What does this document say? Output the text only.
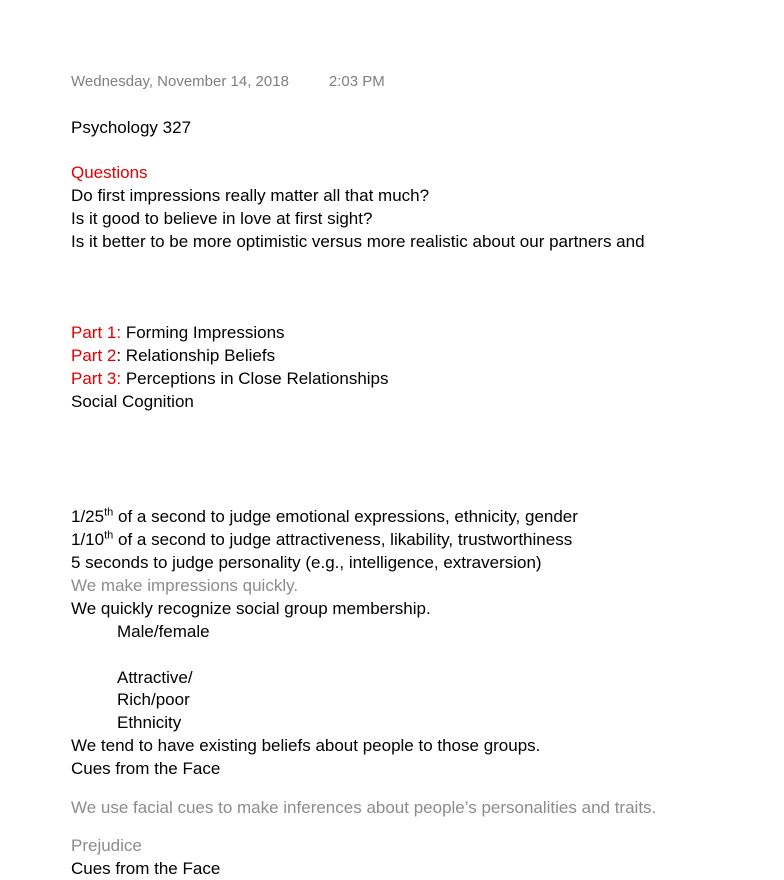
Wednesday, November 14, 2018	2:03 PM
Psychology 327
Questions
Do first impressions really matter all that much?
Is it good to believe in love at first sight?
Is it better to be more optimistic versus more realistic about our partners and
Part 1: Forming Impressions
Part 2: Relationship Beliefs
Part 3: Perceptions in Close Relationships
Social Cognition
1/25th of a second to judge emotional expressions, ethnicity, gender
1/10th of a second to judge attractiveness, likability, trustworthiness
5 seconds to judge personality (e.g., intelligence, extraversion)
We make impressions quickly.
We quickly recognize social group membership.
Male/female
Attractive/
Rich/poor
Ethnicity
We tend to have existing beliefs about people to those groups.
Cues from the Face
We use facial cues to make inferences about people’s personalities and traits.
Prejudice
Cues from the Face
